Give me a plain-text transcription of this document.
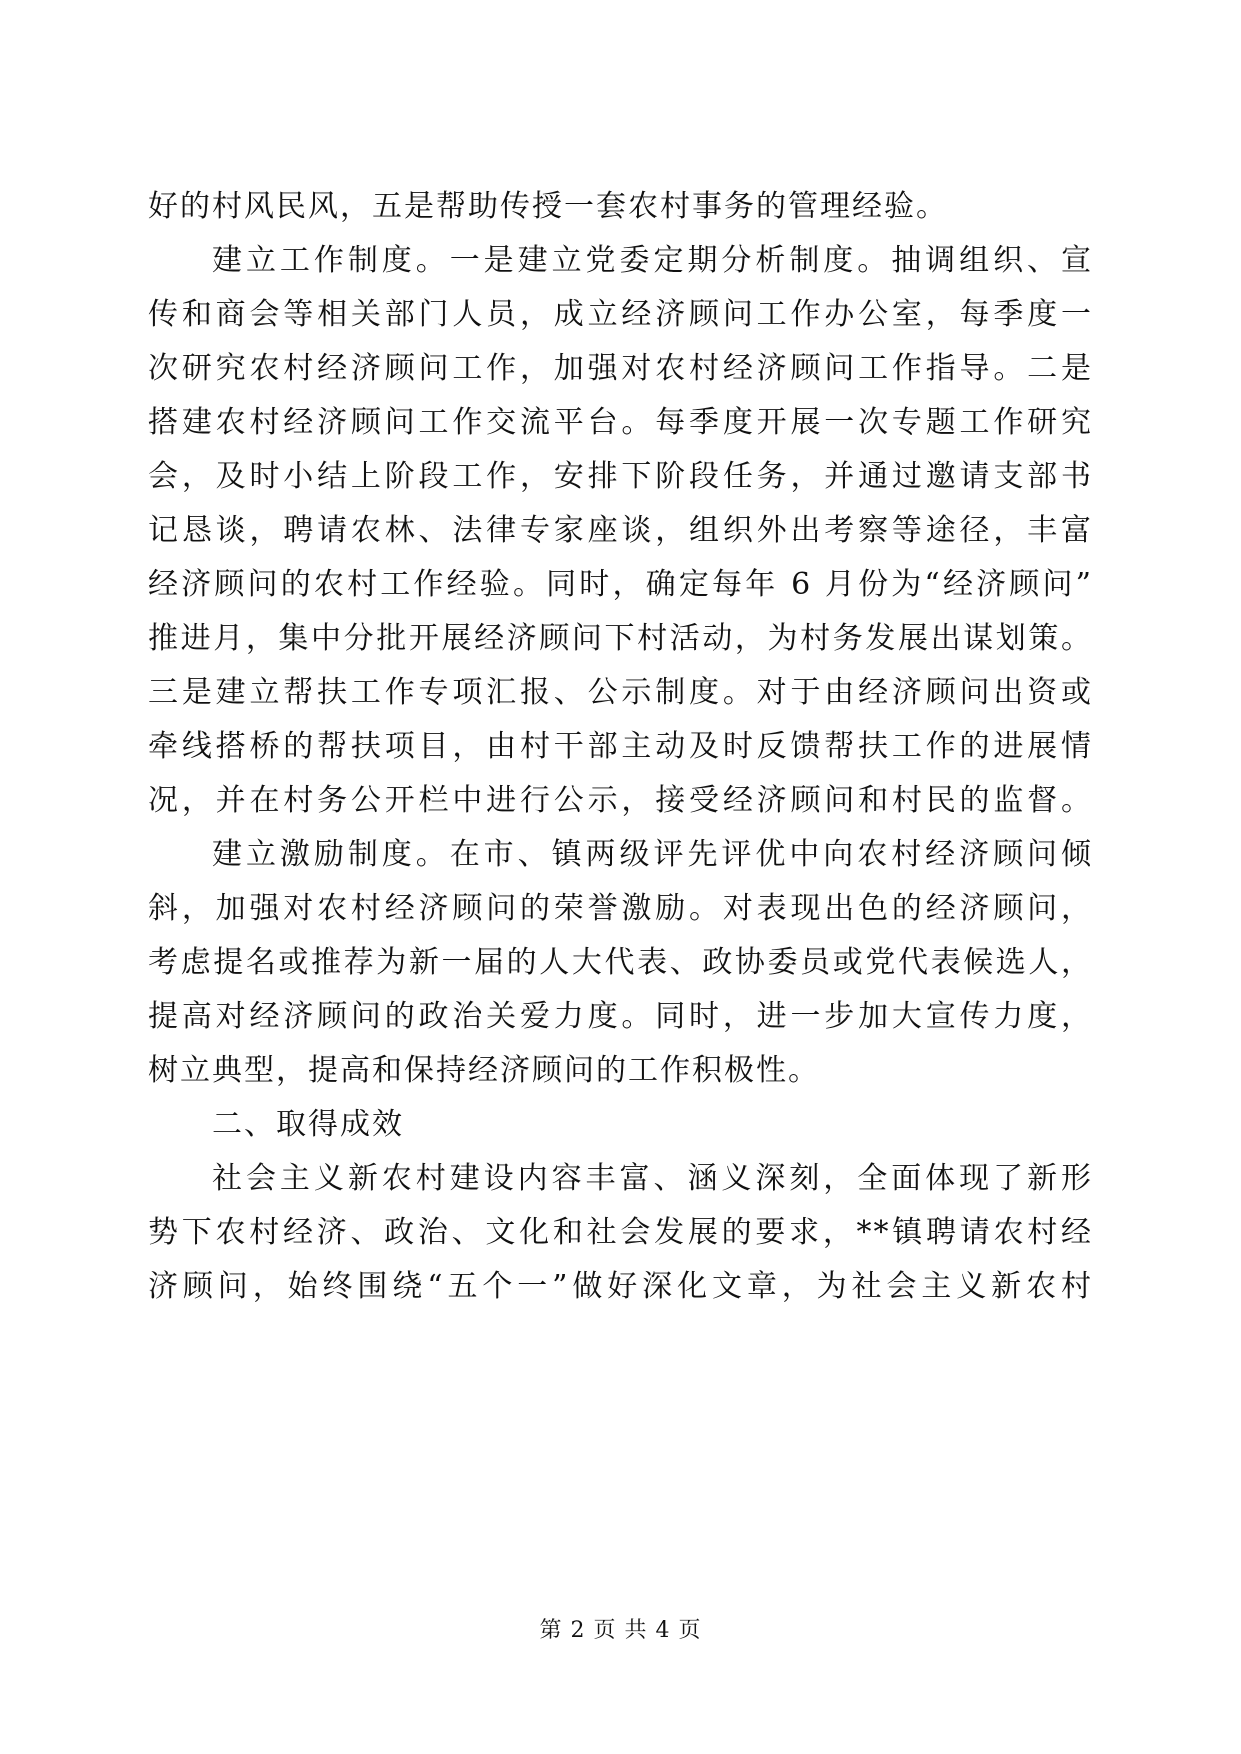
好的村风民风，五是帮助传授一套农村事务的管理经验。
建立工作制度。一是建立党委定期分析制度。抽调组织、宣
传和商会等相关部门人员，成立经济顾问工作办公室，每季度一
次研究农村经济顾问工作，加强对农村经济顾问工作指导。二是
搭建农村经济顾问工作交流平台。每季度开展一次专题工作研究
会，及时小结上阶段工作，安排下阶段任务，并通过邀请支部书
记恳谈，聘请农林、法律专家座谈，组织外出考察等途径，丰富
经济顾问的农村工作经验。同时，确定每年 6 月份为“经济顾问”
推进月，集中分批开展经济顾问下村活动，为村务发展出谋划策。
三是建立帮扶工作专项汇报、公示制度。对于由经济顾问出资或
牵线搭桥的帮扶项目，由村干部主动及时反馈帮扶工作的进展情
况，并在村务公开栏中进行公示，接受经济顾问和村民的监督。
建立激励制度。在市、镇两级评先评优中向农村经济顾问倾
斜，加强对农村经济顾问的荣誉激励。对表现出色的经济顾问，
考虑提名或推荐为新一届的人大代表、政协委员或党代表候选人，
提高对经济顾问的政治关爱力度。同时，进一步加大宣传力度，
树立典型，提高和保持经济顾问的工作积极性。
二、取得成效
社会主义新农村建设内容丰富、涵义深刻，全面体现了新形
势下农村经济、政治、文化和社会发展的要求，**镇聘请农村经
济顾问，始终围绕“五个一”做好深化文章，为社会主义新农村
第 2 页 共 4 页
